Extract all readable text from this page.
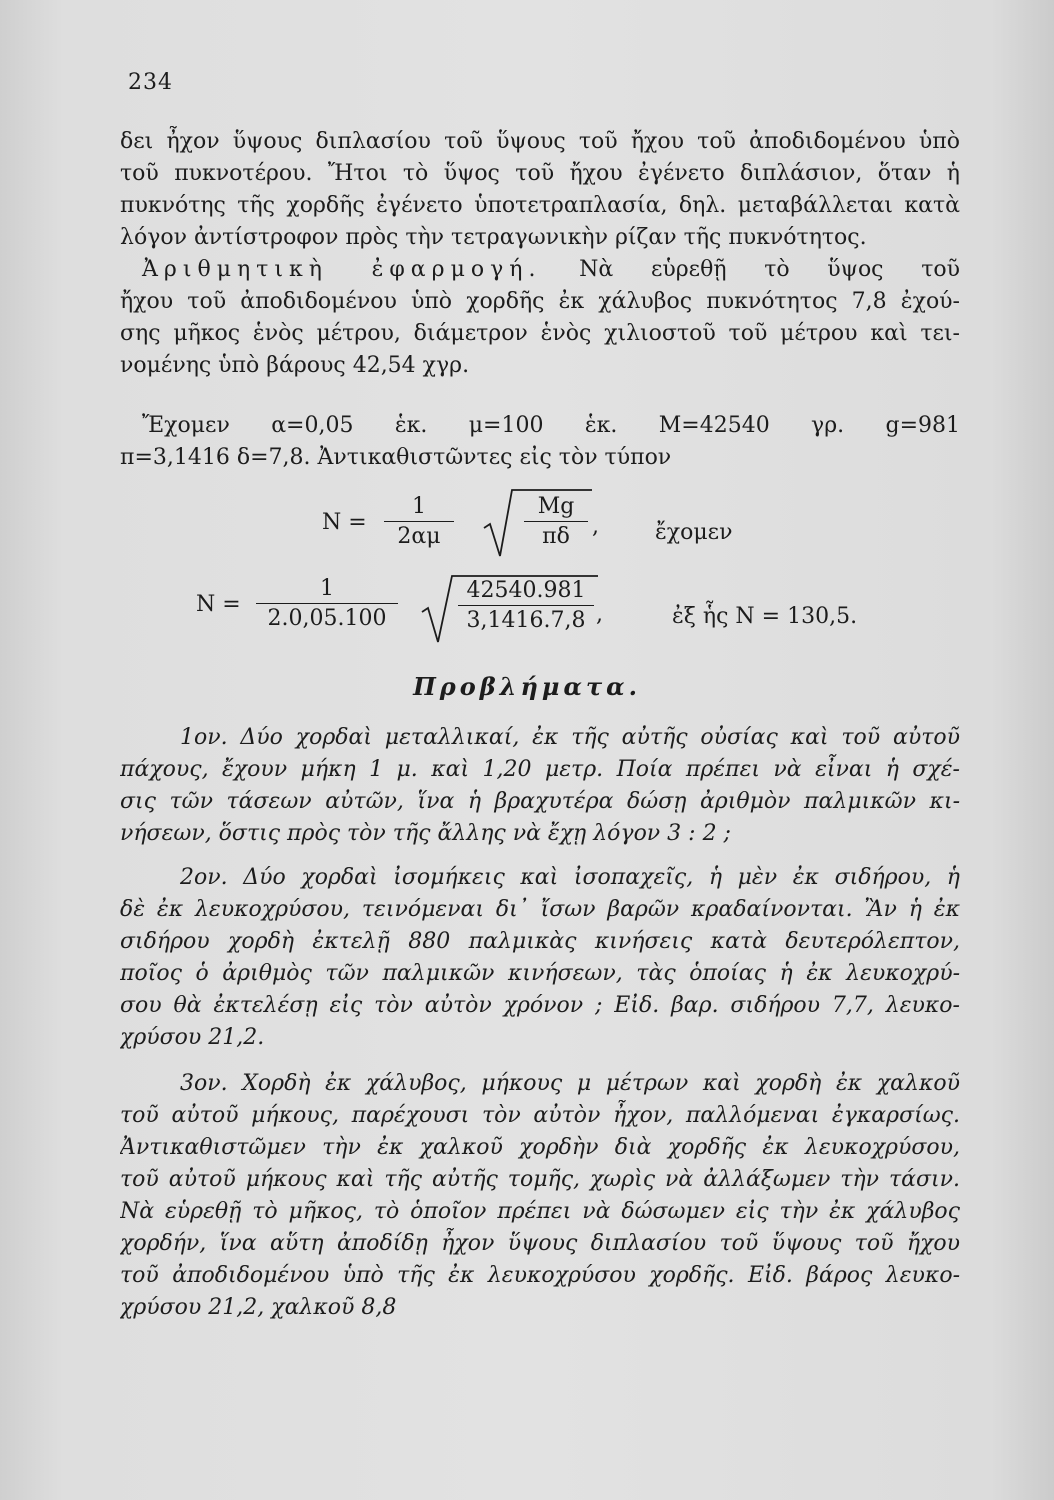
234
δει ἦχον ὕψους διπλασίου τοῦ ὕψους τοῦ ἤχου τοῦ ἀποδιδομένου ὑπὸ
τοῦ πυκνοτέρου. Ἤτοι τὸ ὕψος τοῦ ἤχου ἐγένετο διπλάσιον, ὅταν ἡ
πυκνότης τῆς χορδῆς ἐγένετο ὑποτετραπλασία, δηλ. μεταβάλλεται κατὰ
λόγον ἀντίστροφον πρὸς τὴν τετραγωνικὴν ρίζαν τῆς πυκνότητος.
Ἀριθμητικὴ ἐφαρμογή. Νὰ εὑρεθῇ τὸ ὕψος τοῦ
ἤχου τοῦ ἀποδιδομένου ὑπὸ χορδῆς ἐκ χάλυβος πυκνότητος 7,8 ἐχού-
σης μῆκος ἑνὸς μέτρου, διάμετρον ἑνὸς χιλιοστοῦ τοῦ μέτρου καὶ τει-
νομένης ὑπὸ βάρους 42,54 χγρ.
Ἔχομεν α=0,05 ἑκ. μ=100 ἑκ. Μ=42540 γρ. g=981
π=3,1416 δ=7,8. Ἀντικαθιστῶντες εἰς τὸν τύπον
$N = \frac{1}{2\alpha\mu}$	$\frac{Mg}{\pi\delta}$ ,	ἔχομεν
$N = \frac{1}{2.0,05.100}$	$\frac{42540.981}{3,1416.7,8}$ ,	ἐξ ἧς N = 130,5.
Προβλήματα.
1ον. Δύο χορδαὶ μεταλλικαί, ἐκ τῆς αὐτῆς οὐσίας καὶ τοῦ αὐτοῦ
πάχους, ἔχουν μήκη 1 μ. καὶ 1,20 μετρ. Ποία πρέπει νὰ εἶναι ἡ σχέ-
σις τῶν τάσεων αὐτῶν, ἵνα ἡ βραχυτέρα δώσῃ ἀριθμὸν παλμικῶν κι-
νήσεων, ὅστις πρὸς τὸν τῆς ἄλλης νὰ ἔχῃ λόγον 3 : 2 ;
2ον. Δύο χορδαὶ ἰσομήκεις καὶ ἰσοπαχεῖς, ἡ μὲν ἐκ σιδήρου, ἡ
δὲ ἐκ λευκοχρύσου, τεινόμεναι δι᾽ ἴσων βαρῶν κραδαίνονται. Ἂν ἡ ἐκ
σιδήρου χορδὴ ἐκτελῇ 880 παλμικὰς κινήσεις κατὰ δευτερόλεπτον,
ποῖος ὁ ἀριθμὸς τῶν παλμικῶν κινήσεων, τὰς ὁποίας ἡ ἐκ λευκοχρύ-
σου θὰ ἐκτελέσῃ εἰς τὸν αὐτὸν χρόνον ; Εἰδ. βαρ. σιδήρου 7,7, λευκο-
χρύσου 21,2.
3ον. Χορδὴ ἐκ χάλυβος, μήκους μ μέτρων καὶ χορδὴ ἐκ χαλκοῦ
τοῦ αὐτοῦ μήκους, παρέχουσι τὸν αὐτὸν ἦχον, παλλόμεναι ἐγκαρσίως.
Ἀντικαθιστῶμεν τὴν ἐκ χαλκοῦ χορδὴν διὰ χορδῆς ἐκ λευκοχρύσου,
τοῦ αὐτοῦ μήκους καὶ τῆς αὐτῆς τομῆς, χωρὶς νὰ ἀλλάξωμεν τὴν τάσιν.
Νὰ εὑρεθῇ τὸ μῆκος, τὸ ὁποῖον πρέπει νὰ δώσωμεν εἰς τὴν ἐκ χάλυβος
χορδήν, ἵνα αὕτη ἀποδίδῃ ἦχον ὕψους διπλασίου τοῦ ὕψους τοῦ ἤχου
τοῦ ἀποδιδομένου ὑπὸ τῆς ἐκ λευκοχρύσου χορδῆς. Εἰδ. βάρος λευκο-
χρύσου 21,2, χαλκοῦ 8,8
